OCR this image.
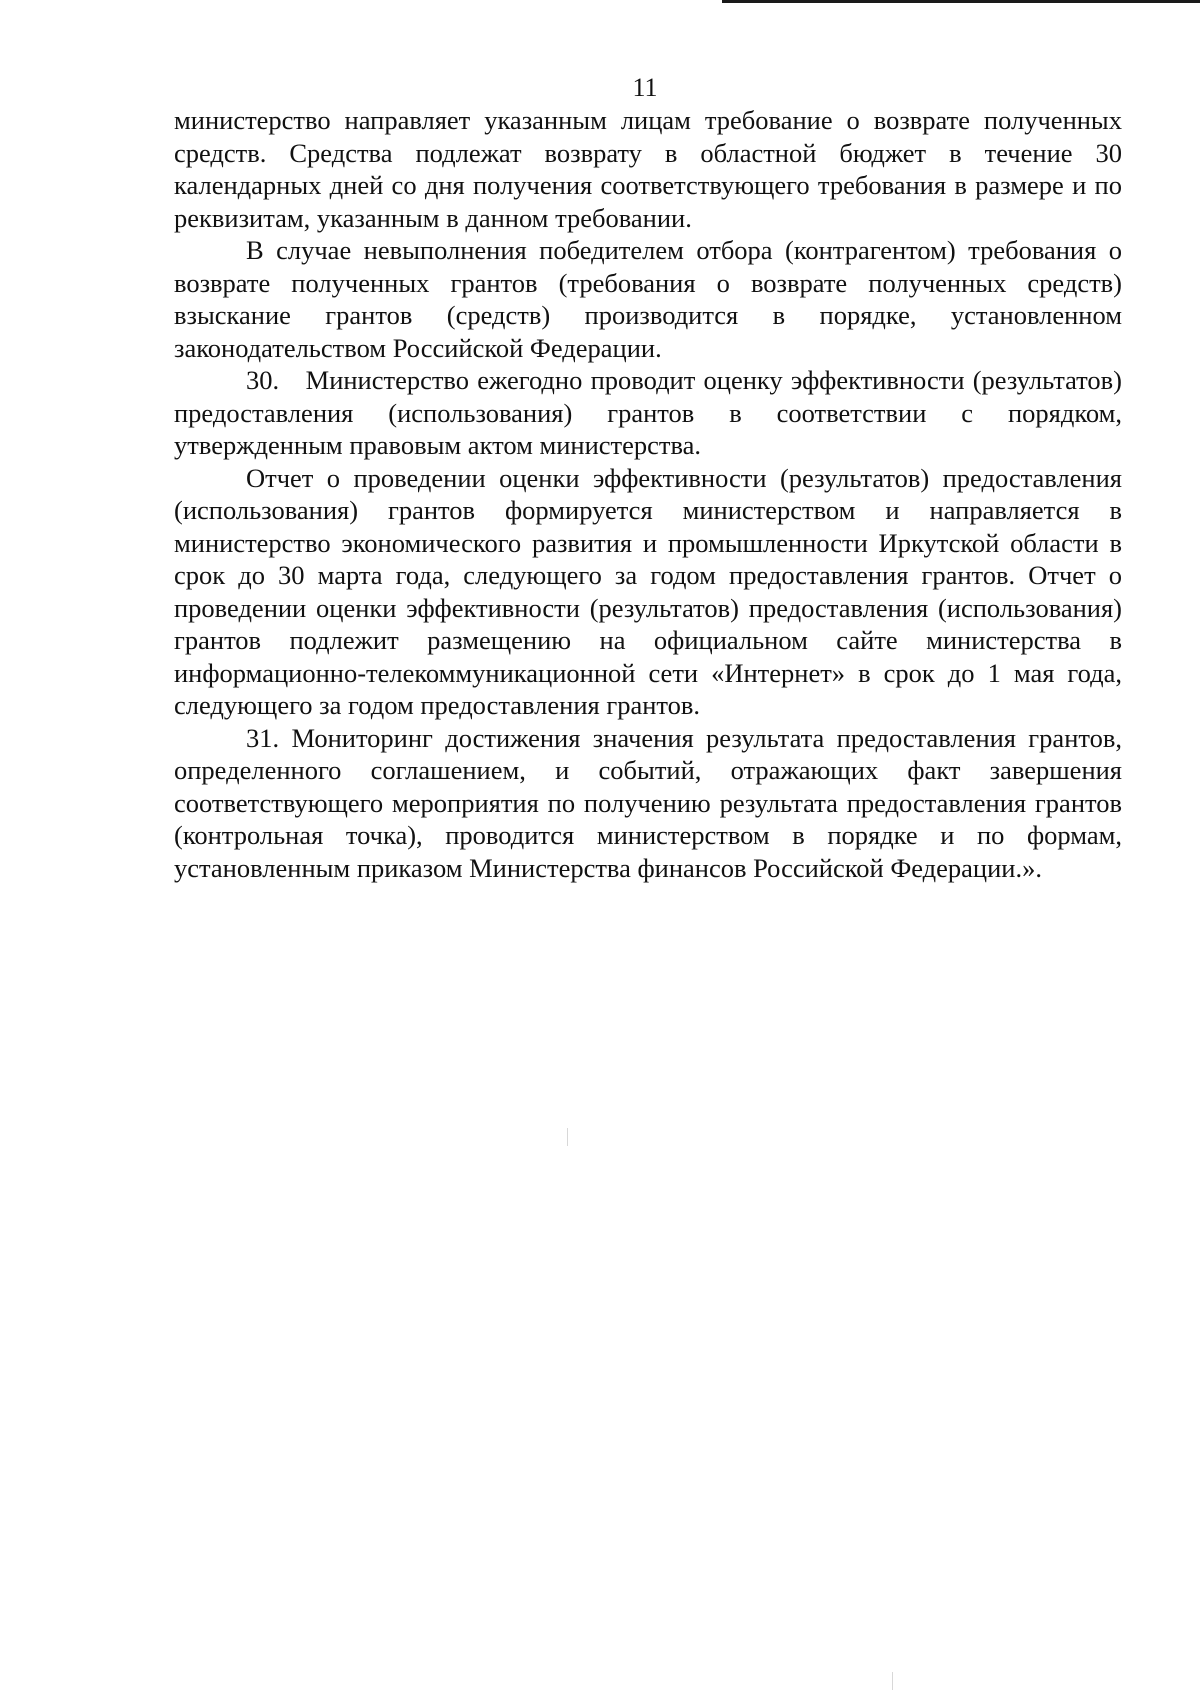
11

министерство направляет указанным лицам требование о возврате полученных средств. Средства подлежат возврату в областной бюджет в течение 30 календарных дней со дня получения соответствующего требования в размере и по реквизитам, указанным в данном требовании.

В случае невыполнения победителем отбора (контрагентом) требования о возврате полученных грантов (требования о возврате полученных средств) взыскание грантов (средств) производится в порядке, установленном законодательством Российской Федерации.

30. Министерство ежегодно проводит оценку эффективности (результатов) предоставления (использования) грантов в соответствии с порядком, утвержденным правовым актом министерства.

Отчет о проведении оценки эффективности (результатов) предоставления (использования) грантов формируется министерством и направляется в министерство экономического развития и промышленности Иркутской области в срок до 30 марта года, следующего за годом предоставления грантов. Отчет о проведении оценки эффективности (результатов) предоставления (использования) грантов подлежит размещению на официальном сайте министерства в информационно-телекоммуникационной сети «Интернет» в срок до 1 мая года, следующего за годом предоставления грантов.

31. Мониторинг достижения значения результата предоставления грантов, определенного соглашением, и событий, отражающих факт завершения соответствующего мероприятия по получению результата предоставления грантов (контрольная точка), проводится министерством в порядке и по формам, установленным приказом Министерства финансов Российской Федерации.».
